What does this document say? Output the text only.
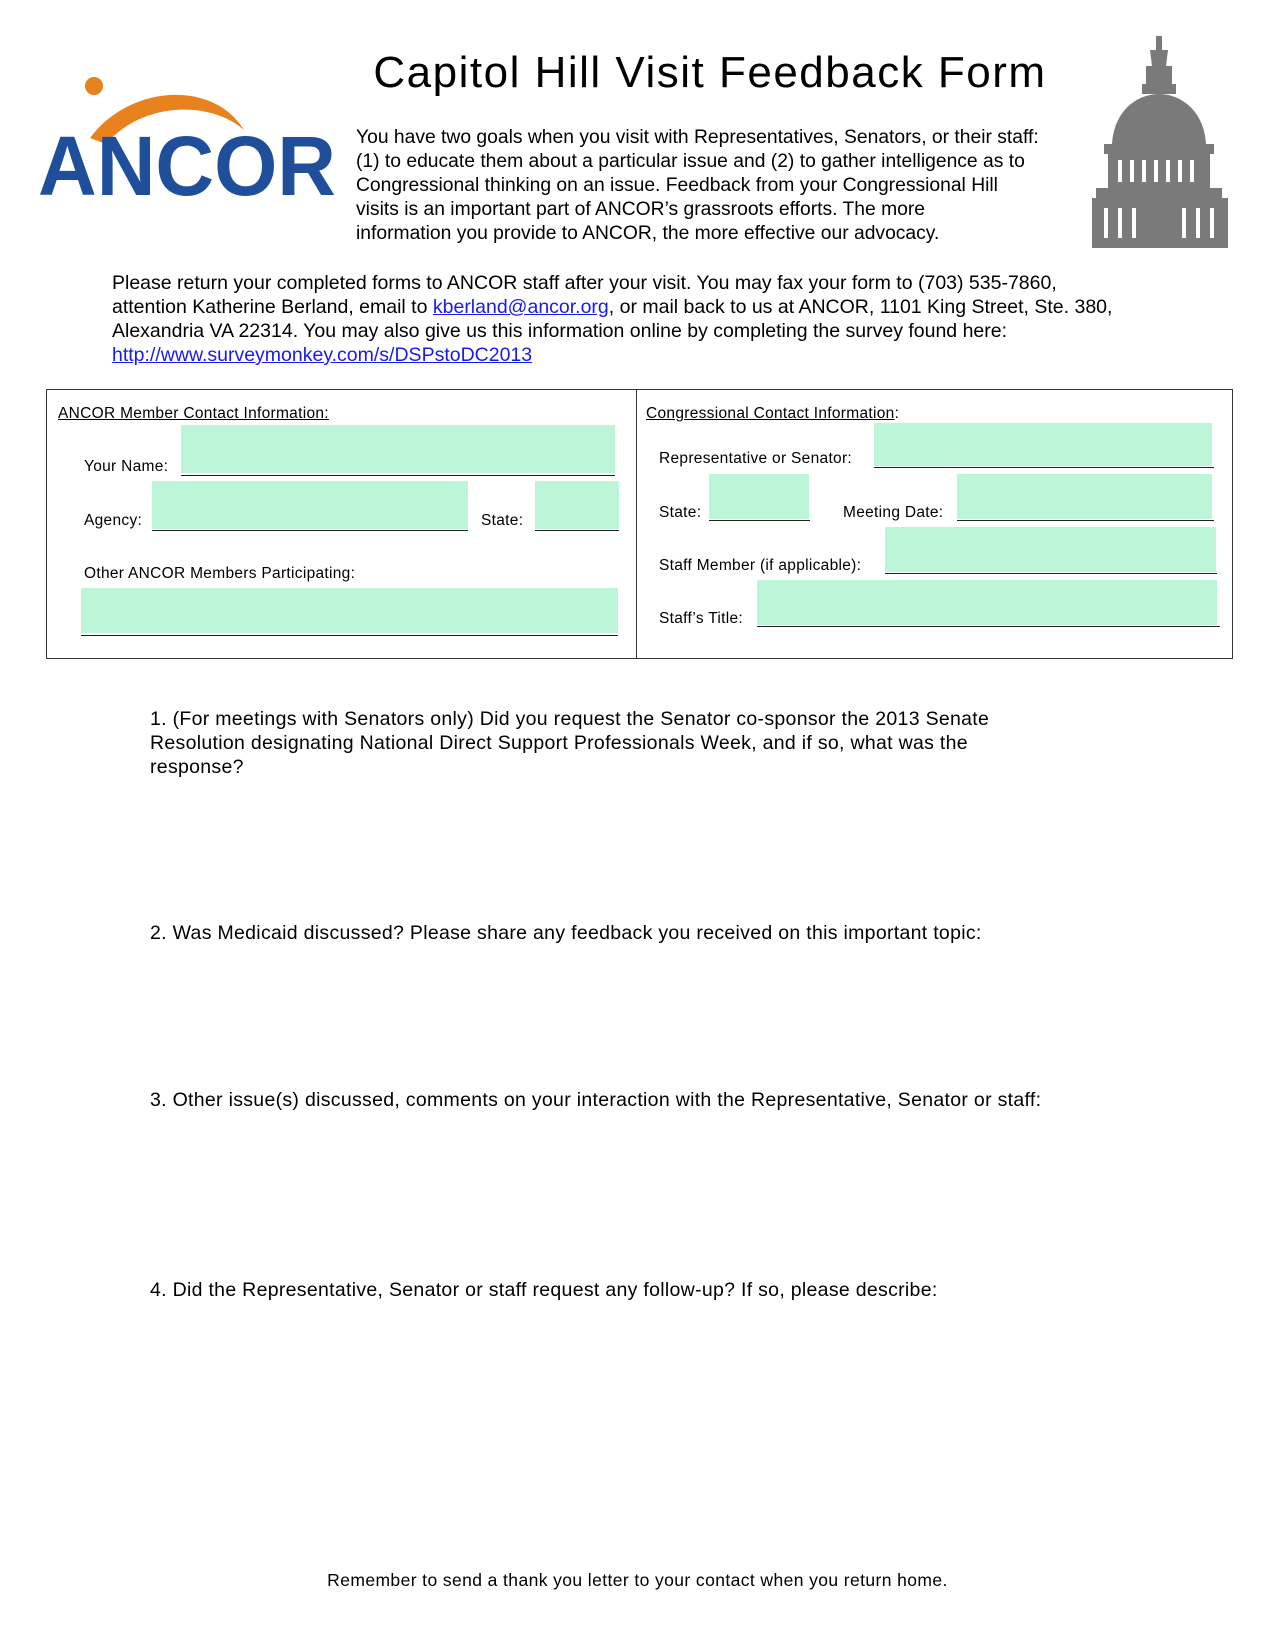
ANCOR
Capitol Hill Visit Feedback Form

You have two goals when you visit with Representatives, Senators, or their staff:
(1) to educate them about a particular issue and (2) to gather intelligence as to
Congressional thinking on an issue. Feedback from your Congressional Hill
visits is an important part of ANCOR’s grassroots efforts. The more
information you provide to ANCOR, the more effective our advocacy.

Please return your completed forms to ANCOR staff after your visit. You may fax your form to (703) 535-7860,
attention Katherine Berland, email to kberland@ancor.org, or mail back to us at ANCOR, 1101 King Street, Ste. 380,
Alexandria VA 22314. You may also give us this information online by completing the survey found here:
http://www.surveymonkey.com/s/DSPstoDC2013
ANCOR Member Contact Information:
Your Name:
Agency:	State:
Other ANCOR Members Participating:
Congressional Contact Information:
Representative or Senator:
State:	Meeting Date:
Staff Member (if applicable):
Staff’s Title:
1. (For meetings with Senators only) Did you request the Senator co-sponsor the 2013 Senate
Resolution designating National Direct Support Professionals Week, and if so, what was the
response?
2. Was Medicaid discussed? Please share any feedback you received on this important topic:
3. Other issue(s) discussed, comments on your interaction with the Representative, Senator or staff:
4. Did the Representative, Senator or staff request any follow-up? If so, please describe:
Remember to send a thank you letter to your contact when you return home.
